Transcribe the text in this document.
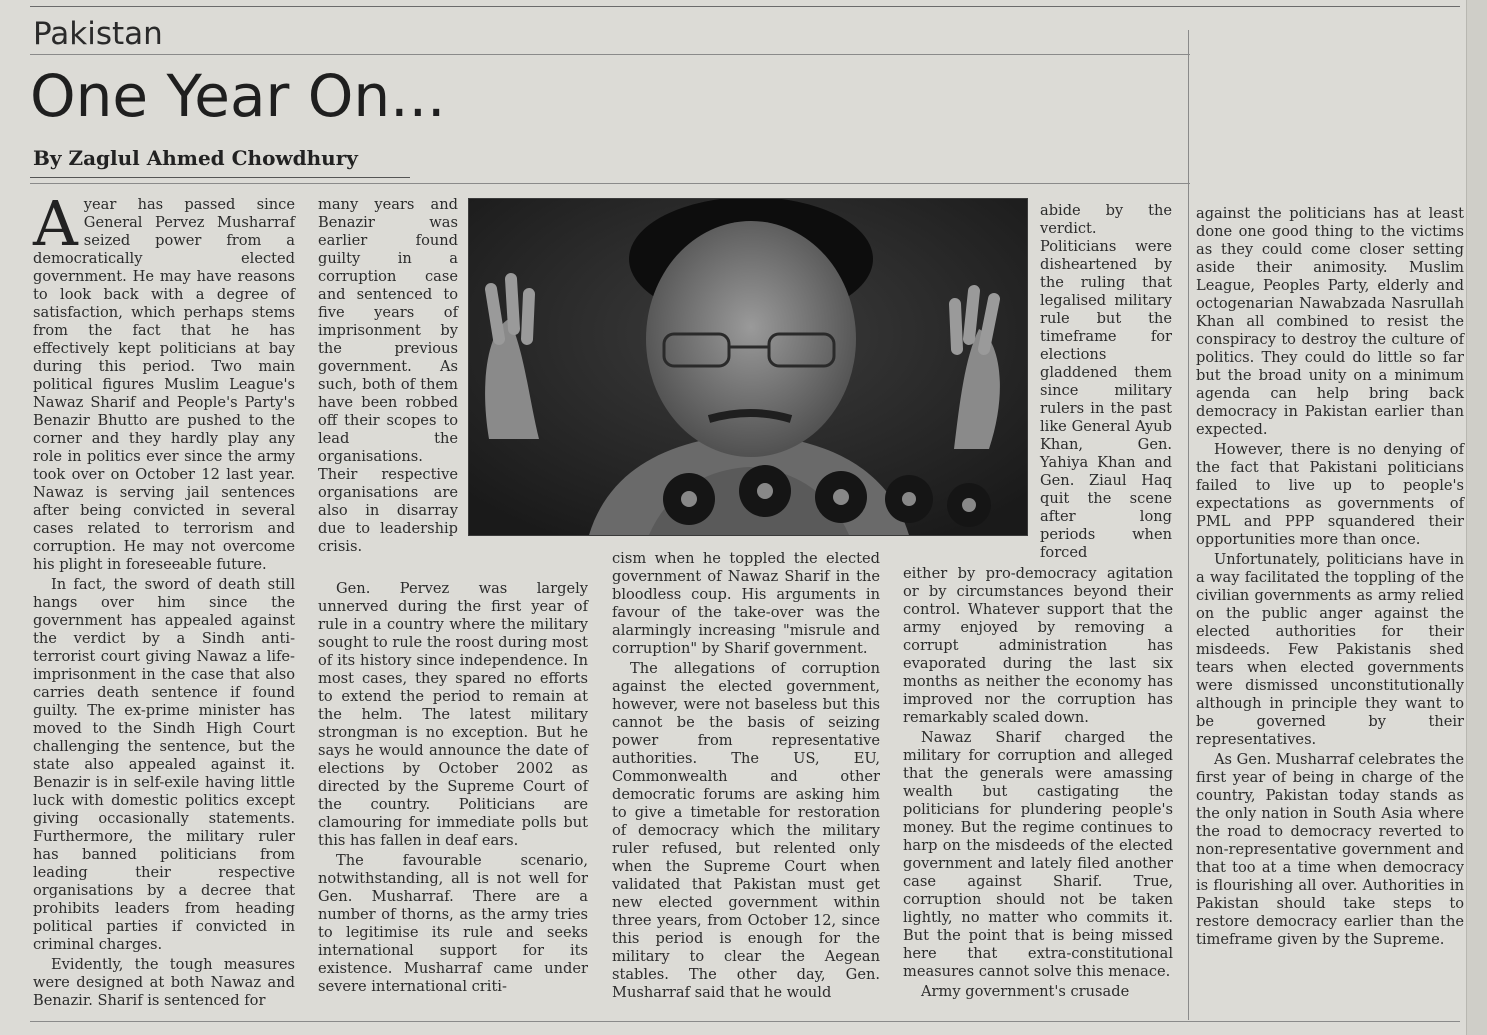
Pakistan
One Year On...
By Zaglul Ahmed Chowdhury

Ayear has passed since General Pervez Musharraf seized power from a democratically elected government. He may have reasons to look back with a degree of satisfaction, which perhaps stems from the fact that he has effectively kept politicians at bay during this period. Two main political figures Muslim League's Nawaz Sharif and People's Party's Benazir Bhutto are pushed to the corner and they hardly play any role in politics ever since the army took over on October 12 last year. Nawaz is serving jail sentences after being convicted in several cases related to terrorism and corruption. He may not overcome his plight in foreseeable future.

In fact, the sword of death still hangs over him since the government has appealed against the verdict by a Sindh anti-terrorist court giving Nawaz a life-imprisonment in the case that also carries death sentence if found guilty. The ex-prime minister has moved to the Sindh High Court challenging the sentence, but the state also appealed against it. Benazir is in self-exile having little luck with domestic politics except giving occasionally statements. Furthermore, the military ruler has banned politicians from leading their respective organisations by a decree that prohibits leaders from heading political parties if convicted in criminal charges.

Evidently, the tough measures were designed at both Nawaz and Benazir. Sharif is sentenced for

many years and Benazir was earlier found guilty in a corruption case and sentenced to five years of imprisonment by the previous government. As such, both of them have been robbed off their scopes to lead the organisations. Their respective organisations are also in disarray due to leadership crisis.

Gen. Pervez was largely unnerved during the first year of rule in a country where the military sought to rule the roost during most of its history since independence. In most cases, they spared no efforts to extend the period to remain at the helm. The latest military strongman is no exception. But he says he would announce the date of elections by October 2002 as directed by the Supreme Court of the country. Politicians are clamouring for immediate polls but this has fallen in deaf ears.

The favourable scenario, notwithstanding, all is not well for Gen. Musharraf. There are a number of thorns, as the army tries to legitimise its rule and seeks international support for its existence. Musharraf came under severe international criti-

cism when he toppled the elected government of Nawaz Sharif in the bloodless coup. His arguments in favour of the take-over was the alarmingly increasing "misrule and corruption" by Sharif government.

The allegations of corruption against the elected government, however, were not baseless but this cannot be the basis of seizing power from representative authorities. The US, EU, Commonwealth and other democratic forums are asking him to give a timetable for restoration of democracy which the military ruler refused, but relented only when the Supreme Court when validated that Pakistan must get new elected government within three years, from October 12, since this period is enough for the military to clear the Aegean stables. The other day, Gen. Musharraf said that he would

abide by the verdict. Politicians were disheartened by the ruling that legalised military rule but the timeframe for elections gladdened them since military rulers in the past like General Ayub Khan, Gen. Yahiya Khan and Gen. Ziaul Haq quit the scene after long periods when forced

either by pro-democracy agitation or by circumstances beyond their control. Whatever support that the army enjoyed by removing a corrupt administration has evaporated during the last six months as neither the economy has improved nor the corruption has remarkably scaled down.

Nawaz Sharif charged the military for corruption and alleged that the generals were amassing wealth but castigating the politicians for plundering people's money. But the regime continues to harp on the misdeeds of the elected government and lately filed another case against Sharif. True, corruption should not be taken lightly, no matter who commits it. But the point that is being missed here that extra-constitutional measures cannot solve this menace.

Army government's crusade

against the politicians has at least done one good thing to the victims as they could come closer setting aside their animosity. Muslim League, Peoples Party, elderly and octogenarian Nawabzada Nasrullah Khan all combined to resist the conspiracy to destroy the culture of politics. They could do little so far but the broad unity on a minimum agenda can help bring back democracy in Pakistan earlier than expected.

However, there is no denying of the fact that Pakistani politicians failed to live up to people's expectations as governments of PML and PPP squandered their opportunities more than once.

Unfortunately, politicians have in a way facilitated the toppling of the civilian governments as army relied on the public anger against the elected authorities for their misdeeds. Few Pakistanis shed tears when elected governments were dismissed unconstitutionally although in principle they want to be governed by their representatives.

As Gen. Musharraf celebrates the first year of being in charge of the country, Pakistan today stands as the only nation in South Asia where the road to democracy reverted to non-representative government and that too at a time when democracy is flourishing all over. Authorities in Pakistan should take steps to restore democracy earlier than the timeframe given by the Supreme.
